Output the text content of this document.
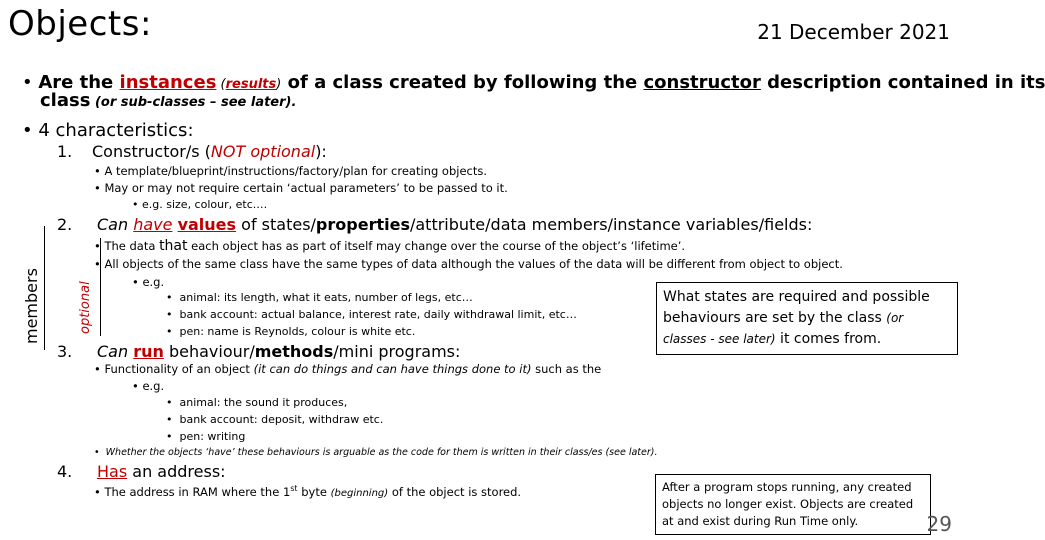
Objects:	21 December 2021
• Are the instances (results) of a class created by following the constructor description contained in its
class (or sub-classes – see later).
• 4 characteristics:
1. Constructor/s (NOT optional):
• A template/blueprint/instructions/factory/plan for creating objects.
• May or may not require certain ‘actual parameters’ to be passed to it.
• e.g. size, colour, etc.…
2. Can have values of states/properties/attribute/data members/instance variables/fields:
• The data that each object has as part of itself may change over the course of the object’s ‘lifetime’.
• All objects of the same class have the same types of data although the values of the data will be different from object to object.
• e.g.
• animal: its length, what it eats, number of legs, etc…
• bank account: actual balance, interest rate, daily withdrawal limit, etc…
• pen: name is Reynolds, colour is white etc.
members	optional	What states are required and possible
behaviours are set by the class (or
classes - see later) it comes from.
3. Can run behaviour/methods/mini programs:
• Functionality of an object (it can do things and can have things done to it) such as the
• e.g.
• animal: the sound it produces,
• bank account: deposit, withdraw etc.
• pen: writing
• Whether the objects ‘have’ these behaviours is arguable as the code for them is written in their class/es (see later).
4. Has an address:
• The address in RAM where the 1st byte (beginning) of the object is stored.	After a program stops running, any created
objects no longer exist. Objects are created
at and exist during Run Time only.	29
